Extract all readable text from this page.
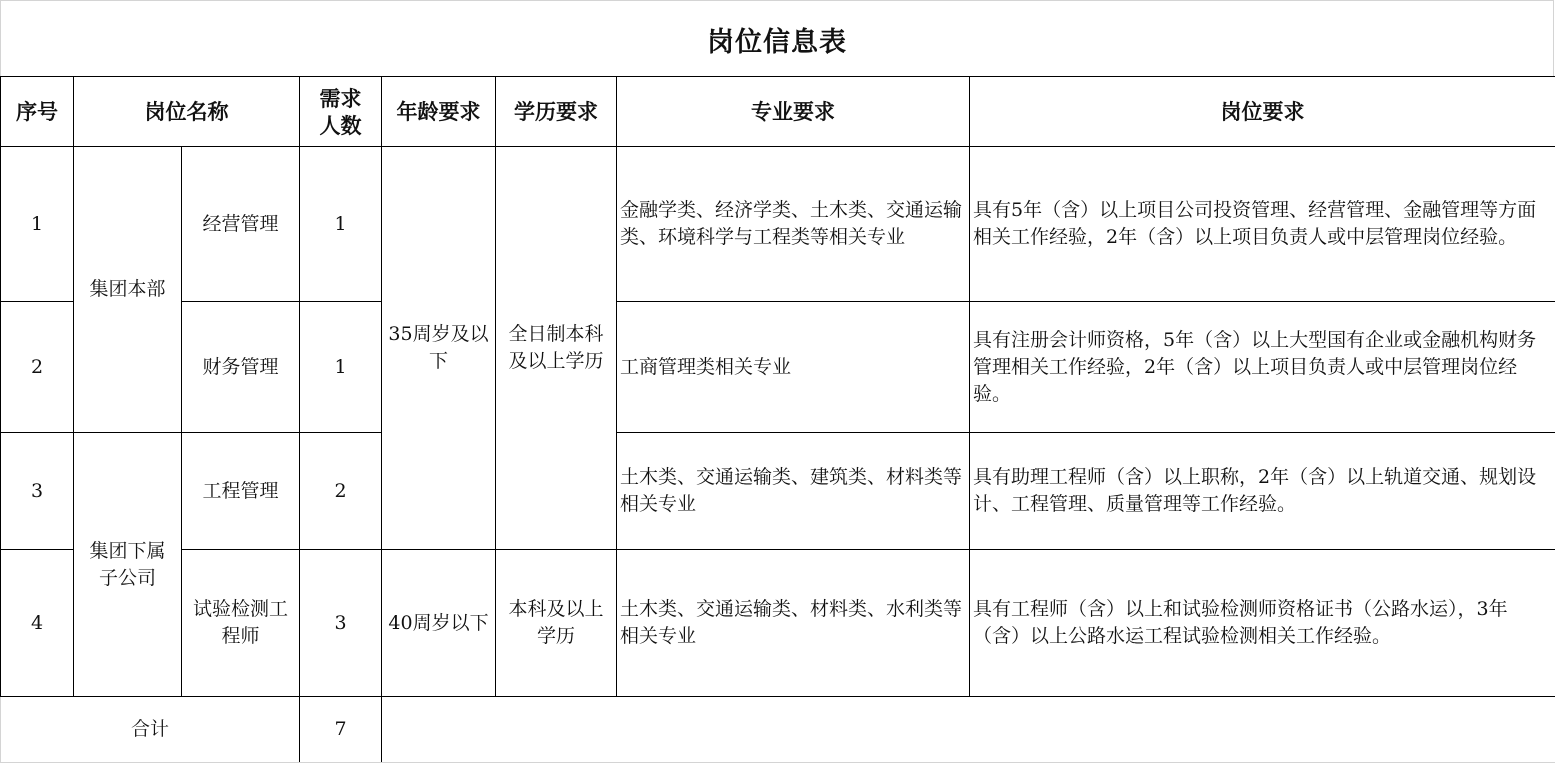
岗位信息表
序号	岗位名称		需求人数	年龄要求	学历要求	专业要求	岗位要求
1	集团本部	经营管理	1	35周岁及以下	全日制本科及以上学历	金融学类、经济学类、土木类、交通运输类、环境科学与工程类等相关专业	具有5年（含）以上项目公司投资管理、经营管理、金融管理等方面相关工作经验，2年（含）以上项目负责人或中层管理岗位经验。
2		财务管理	1			工商管理类相关专业	具有注册会计师资格，5年（含）以上大型国有企业或金融机构财务管理相关工作经验，2年（含）以上项目负责人或中层管理岗位经验。
3	集团下属子公司	工程管理	2			土木类、交通运输类、建筑类、材料类等相关专业	具有助理工程师（含）以上职称，2年（含）以上轨道交通、规划设计、工程管理、质量管理等工作经验。
4		试验检测工程师	3	40周岁以下	本科及以上学历	土木类、交通运输类、材料类、水利类等相关专业	具有工程师（含）以上和试验检测师资格证书（公路水运），3年（含）以上公路水运工程试验检测相关工作经验。
合计			7				
